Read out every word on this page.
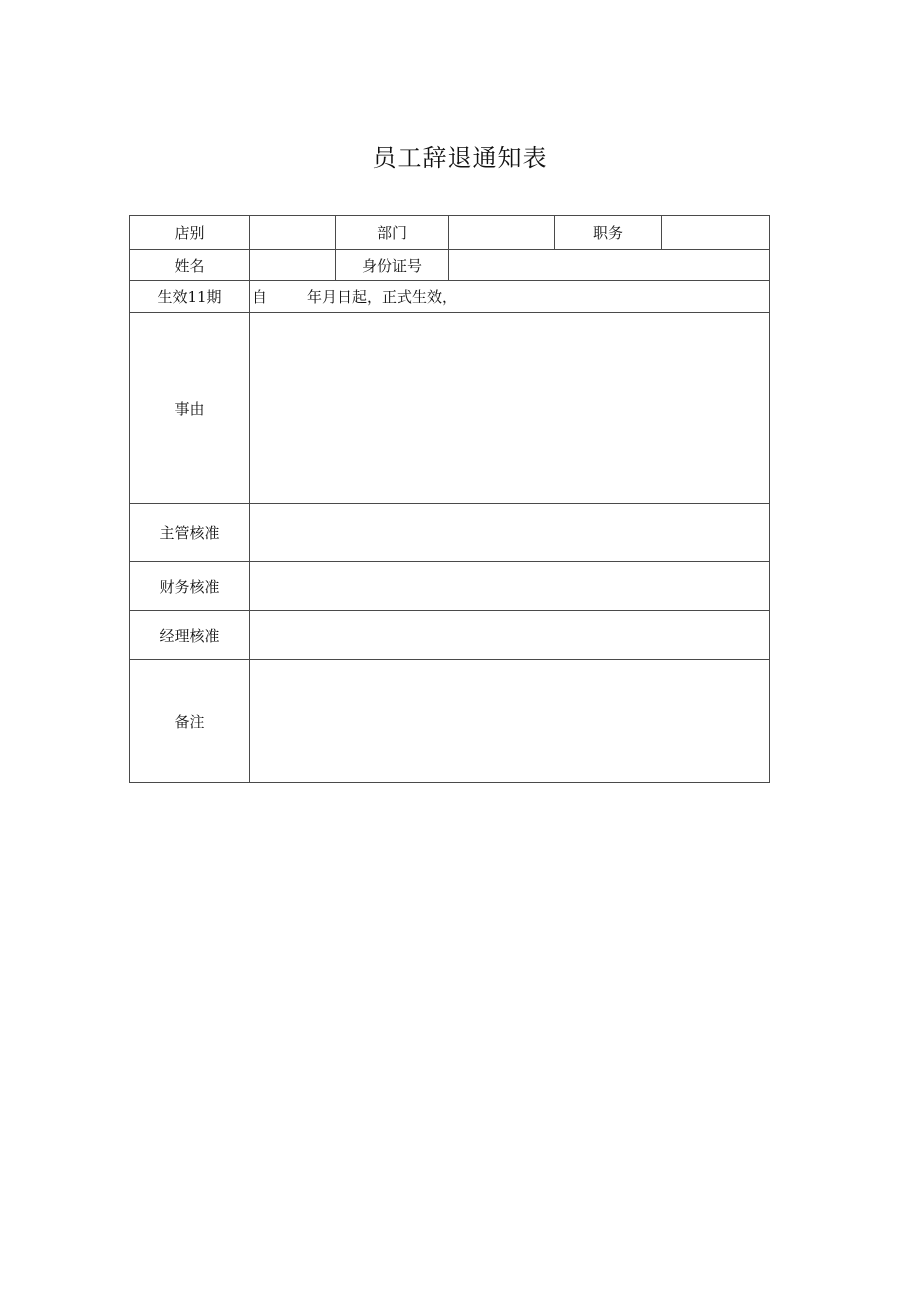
员工辞退通知表
店别		部门		职务	
姓名		身份证号			
生效11期	自 年月日起，正式生效，				
事由					
主管核准					
财务核准					
经理核准					
备注					
